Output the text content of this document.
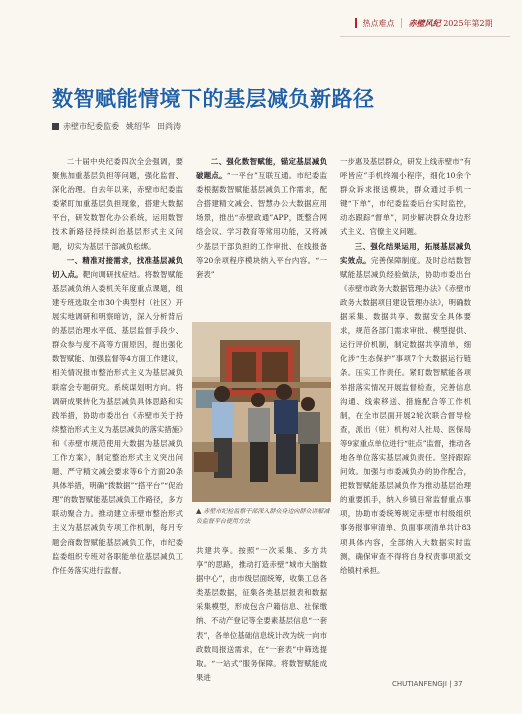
热点难点 赤壁风纪 2025年第2期
数智赋能情境下的基层减负新路径
赤壁市纪委监委 姚绍华 田尚涛

二十届中央纪委四次全会强调，要聚焦加重基层负担等问题，强化监督、深化治理。自去年以来，赤壁市纪委监委紧盯加重基层负担现象，搭建大数据平台，研发数智化办公系统，运用数智技术新路径持续纠治基层形式主义问题，切实为基层干部减负松绑。

一、精准对接需求，找准基层减负切入点。靶向调研找症结。将数智赋能基层减负纳入委机关年度重点课题，组建专班选取全市30个典型村（社区）开展实地调研和明察暗访，深入分析背后的基层治理水平低、基层监督手段少、群众参与度不高等方面原因，提出强化数智赋能、加强监督等4方面工作建议，相关情况报市整治形式主义为基层减负联席会专题研究。系统谋划明方向。将调研成果转化为基层减负具体思路和实践举措，协助市委出台《赤壁市关于持续整治形式主义为基层减负的落实措施》和《赤壁市规范使用大数据为基层减负工作方案》，制定整治形式主义突出问题、严守精文减会要求等6个方面20条具体举措，明确“拨数据”“搭平台”“促治理”的数智赋能基层减负工作路径，多方联动聚合力。推动建立赤壁市整治形式主义为基层减负专项工作机制，每月专题会商数智赋能基层减负工作，市纪委监委组织专班对各职能单位基层减负工作任务落实进行监督。

二、强化数智赋能，锚定基层减负破题点。“一平台”互联互通。市纪委监委根据数智赋能基层减负工作需求，配合搭建精文减会、智慧办公大数据应用场景，推出“赤壁政通”APP，既整合网络会议、学习教育等常用功能，又将减少基层干部负担的工作审批、在线报备等20余项程序模块纳入平台内容。“一套表”

▲ 赤壁市纪检监察干部深入群众身边向群众讲解减负监督平台使用方法

共建共享。按照“一次采集、多方共享”的思路，推动打造赤壁“城市大脑数据中心”，由市级层面统筹，收集工总各类基层数据，征集各类基层报表和数据采集模型，形成包含户籍信息、社保缴纳、不动产登记等全要素基层信息“一套表”，各单位基础信息统计改为统一向市政数局报送需求，在“一套表”中筛选提取。“一站式”服务保障。将数智赋能成果进

一步惠及基层群众，研发上线赤壁市“有呼皆应”手机终端小程序，细化10余个群众诉求报送模块，群众通过手机一键“下单”，市纪委监委后台实时监控，动态跟踪“督单”，同步解决群众身边形式主义、官僚主义问题。

三、强化结果运用，拓展基层减负实效点。完善保障制度。及时总结数智赋能基层减负经验做法，协助市委出台《赤壁市政务大数据管理办法》《赤壁市政务大数据项目建设管理办法》，明确数据采集、数据共享、数据安全具体要求，规范各部门需求审批、模型提供、运行评价机制，制定数据共享清单，细化涉“生态保护”事项7个大数据运行链条。压实工作责任。紧盯数智赋能各项举措落实情况开展监督检查，完善信息沟通、线索移送、措施配合等工作机制，在全市层面开展2轮次联合督导检查，派出（驻）机构对人社局、医保局等9家重点单位进行“驻点”监督，推动各地各单位落实基层减负责任。坚持跟踪问效。加强与市委减负办的协作配合，把数智赋能基层减负作为推动基层治理的重要抓手，纳入乡镇日常监督重点事项，协助市委统筹规定赤壁市村级组织事务报事审清单、负面事项清单共计83项具体内容，全部纳入大数据实时监测，确保审查不得将自身权责事项派交给镇村承担。

CHUTIANFENGJI | 37
